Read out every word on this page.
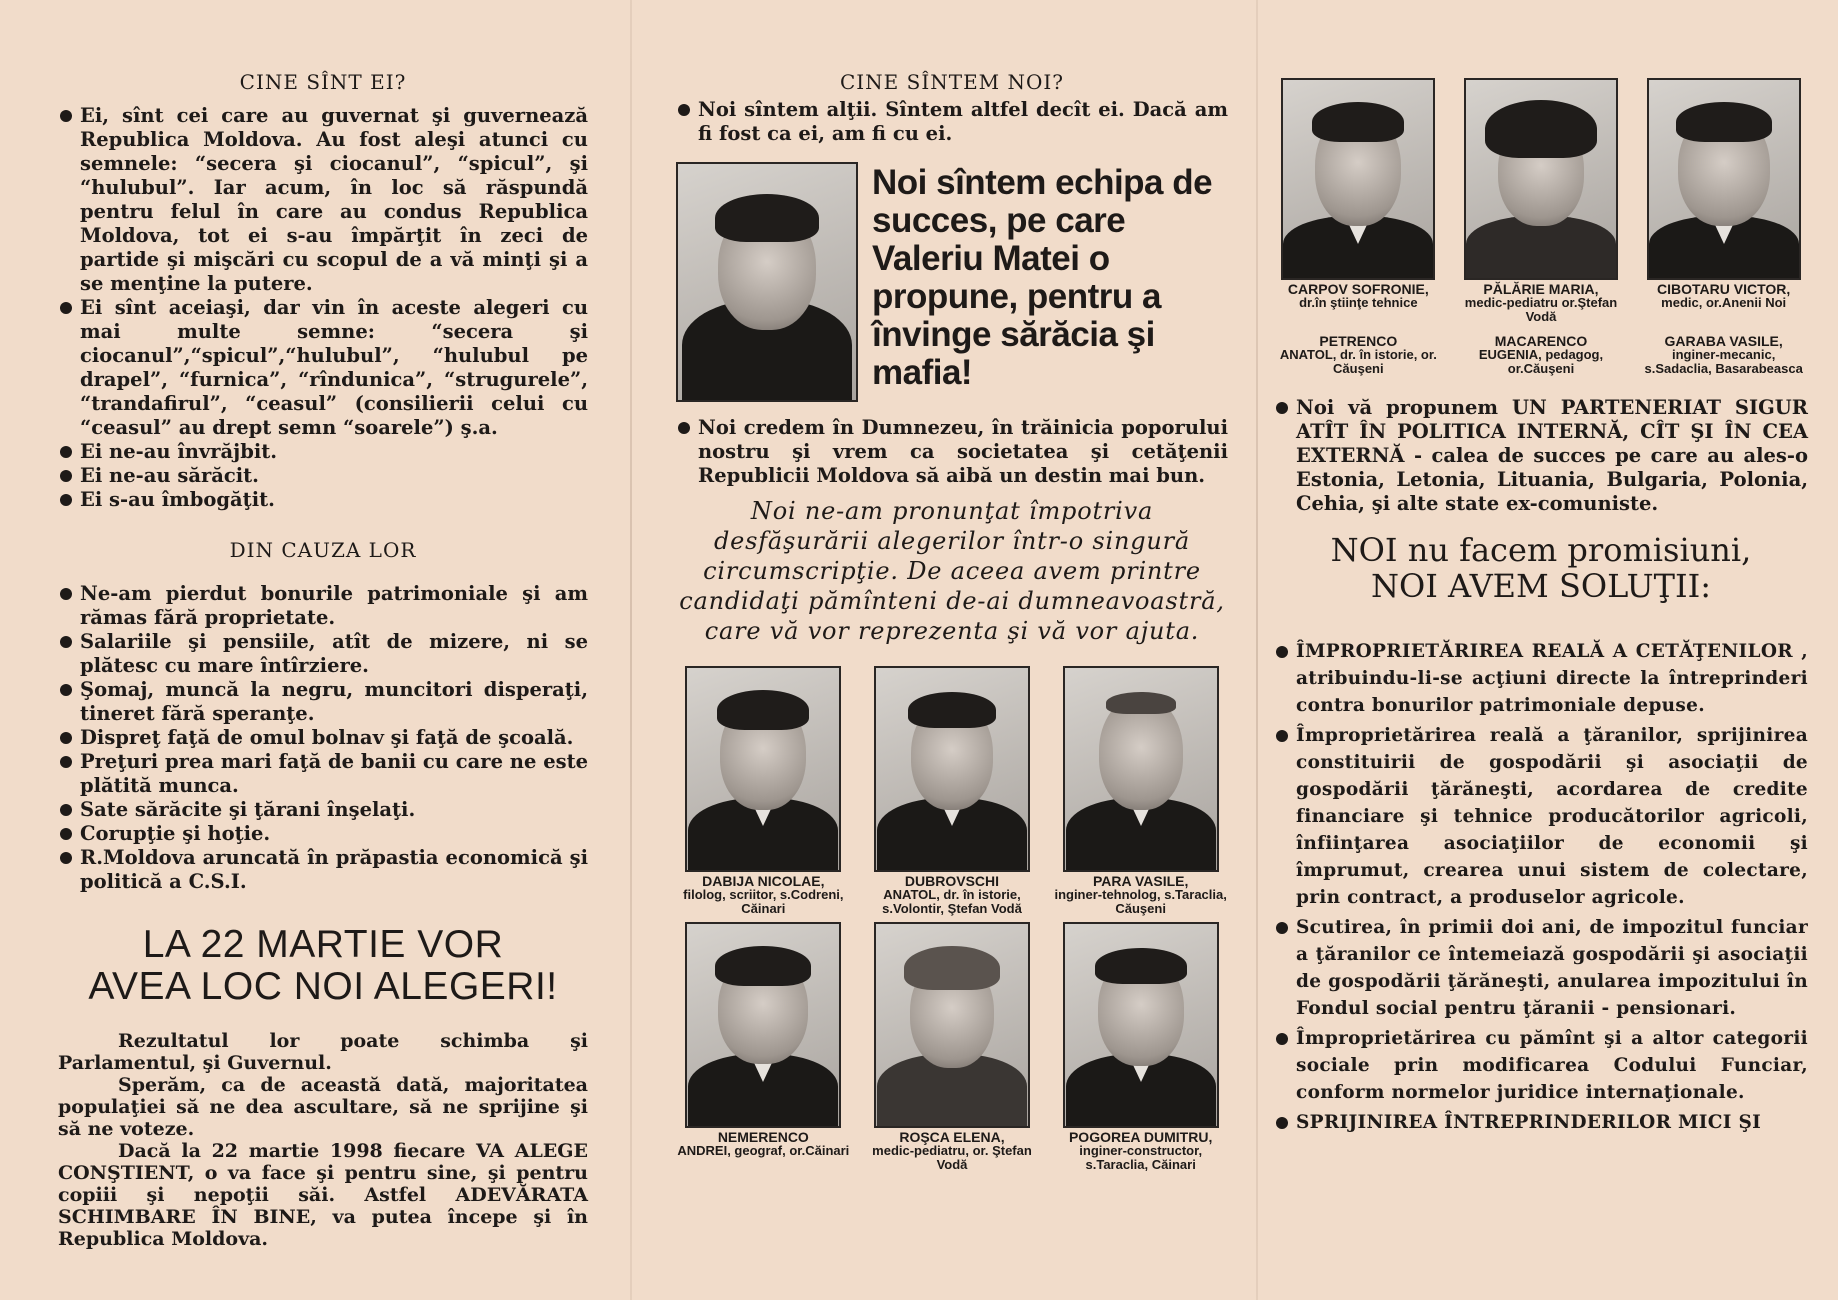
CINE SÎNT EI?
Ei, sînt cei care au guvernat şi guvernează Republica Moldova. Au fost aleşi atunci cu semnele: “secera şi ciocanul”, “spicul”, şi “hulubul”. Iar acum, în loc să răspundă pentru felul în care au condus Republica Moldova, tot ei s-au împărţit în zeci de partide şi mişcări cu scopul de a vă minţi şi a se menţine la putere.
Ei sînt aceiaşi, dar vin în aceste alegeri cu mai multe semne: “secera şi ciocanul”,“spicul”,“hulubul”, “hulubul pe drapel”, “furnica”, “rîndunica”, “strugurele”, “trandafirul”, “ceasul” (consilierii celui cu “ceasul” au drept semn “soarele”) ş.a.
Ei ne-au învrăjbit.
Ei ne-au sărăcit.
Ei s-au îmbogăţit.
DIN CAUZA LOR
Ne-am pierdut bonurile patrimoniale şi am rămas fără proprietate.
Salariile şi pensiile, atît de mizere, ni se plătesc cu mare întîrziere.
Şomaj, muncă la negru, muncitori disperaţi, tineret fără speranţe.
Dispreţ faţă de omul bolnav şi faţă de şcoală.
Preţuri prea mari faţă de banii cu care ne este plătită munca.
Sate sărăcite şi ţărani înşelaţi.
Corupţie şi hoţie.
R.Moldova aruncată în prăpastia economică şi politică a C.S.I.
LA 22 MARTIE VOR
AVEA LOC NOI ALEGERI!

Rezultatul lor poate schimba şi Parlamentul, şi Guvernul.

Sperăm, ca de această dată, majoritatea populaţiei să ne dea ascultare, să ne sprijine şi să ne voteze.

Dacă la 22 martie 1998 fiecare VA ALEGE CONŞTIENT, o va face şi pentru sine, şi pentru copiii şi nepoţii săi. Astfel ADEVĂRATA SCHIMBARE ÎN BINE, va putea începe şi în Republica Moldova.

CINE SÎNTEM NOI?
Noi sîntem alţii. Sîntem altfel decît ei. Dacă am fi fost ca ei, am fi cu ei.

Noi sîntem echipa de succes, pe care Valeriu Matei o propune, pentru a învinge sărăcia şi mafia!

Noi credem în Dumnezeu, în trăinicia poporului nostru şi vrem ca societatea şi cetăţenii Republicii Moldova să aibă un destin mai bun.
Noi ne-am pronunţat împotriva desfăşurării alegerilor într-o singură circumscripţie. De aceea avem printre candidaţi pămînteni de-ai dumneavoastră, care vă vor reprezenta şi vă vor ajuta.
DABIJA NICOLAE,
filolog, scriitor, s.Codreni, Căinari
DUBROVSCHI
ANATOL, dr. în istorie, s.Volontir, Ştefan Vodă
PARA VASILE,
inginer-tehnolog, s.Taraclia, Căuşeni
NEMERENCO
ANDREI, geograf, or.Căinari
ROŞCA ELENA,
medic-pediatru, or. Ştefan Vodă
POGOREA DUMITRU,
inginer-constructor, s.Taraclia, Căinari
CARPOV SOFRONIE,
dr.în ştiinţe tehnice
PĂLĂRIE MARIA,
medic-pediatru or.Ştefan Vodă
CIBOTARU VICTOR,
medic, or.Anenii Noi
PETRENCO
ANATOL, dr. în istorie, or. Căuşeni
MACARENCO
EUGENIA, pedagog, or.Căuşeni
GARABA VASILE,
inginer-mecanic, s.Sadaclia, Basarabeasca
Noi vă propunem UN PARTENERIAT SIGUR ATÎT ÎN POLITICA INTERNĂ, CÎT ŞI ÎN CEA EXTERNĂ - calea de succes pe care au ales-o Estonia, Letonia, Lituania, Bulgaria, Polonia, Cehia, şi alte state ex-comuniste.
NOI nu facem promisiuni,
NOI AVEM SOLUŢII:
ÎMPROPRIETĂRIREA REALĂ A CETĂŢENILOR , atribuindu-li-se acţiuni directe la întreprinderi contra bonurilor patrimoniale depuse.
Împroprietărirea reală a ţăranilor, sprijinirea constituirii de gospodării şi asociaţii de gospodării ţărăneşti, acordarea de credite financiare şi tehnice producătorilor agricoli, înfiinţarea asociaţiilor de economii şi împrumut, crearea unui sistem de colectare, prin contract, a produselor agricole.
Scutirea, în primii doi ani, de impozitul funciar a ţăranilor ce întemeiază gospodării şi asociaţii de gospodării ţărăneşti, anularea impozitului în Fondul social pentru ţăranii - pensionari.
Împroprietărirea cu pămînt şi a altor categorii sociale prin modificarea Codului Funciar, conform normelor juridice internaţionale.
SPRIJINIREA ÎNTREPRINDERILOR MICI ŞI
